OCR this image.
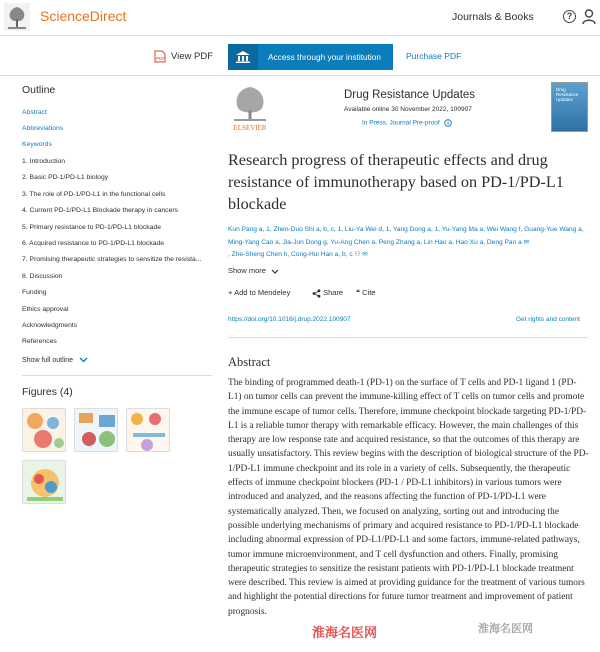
ScienceDirect	Journals & Books	?
PDF View PDF	Access through your institution	Purchase PDF
Outline
Abstract
Abbreviations
Keywords
1. Introduction
2. Basic PD-1/PD-L1 biology
3. The role of PD-1/PD-L1 in the functional cells
4. Current PD-1/PD-L1 Blockade therapy in cancers
5. Primary resistance to PD-1/PD-L1 blockade
6. Acquired resistance to PD-1/PD-L1 blockade
7. Promising therapeutic strategies to sensitize the resista...
8. Discussion
Funding
Ethics approval
Acknowledgments
References
Show full outline
Figures (4)
ELSEVIER
Drug Resistance Updates
Available online 30 November 2022, 100907
In Press, Journal Pre-proof
Drug Resistance Updates
Research progress of therapeutic effects and drug resistance of immunotherapy based on PD-1/PD-L1 blockade
Kun Pang a, 1, Zhen-Duo Shi a, b, c, 1, Liu-Ya Wei d, 1, Yang Dong a, 1, Yu-Yang Ma a, Wei Wang f, Guang-Yue Wang a,
Ming-Yang Cao a, Jia-Jun Dong g, Yu-Ang Chen a, Peng Zhang a, Lin Hao a, Hao Xu a, Deng Pan a ✉
, Zhe-Sheng Chen h, Cong-Hui Han a, b, c ⚇ ✉
Show more
+ Add to Mendeley	Share ❝ Cite
https://doi.org/10.1016/j.drup.2022.100907	Get rights and content
Abstract
The binding of programmed death-1 (PD-1) on the surface of T cells and PD-1 ligand 1 (PD-L1) on tumor cells can prevent the immune-killing effect of T cells on tumor cells and promote the immune escape of tumor cells. Therefore, immune checkpoint blockade targeting PD-1/PD-L1 is a reliable tumor therapy with remarkable efficacy. However, the main challenges of this therapy are low response rate and acquired resistance, so that the outcomes of this therapy are usually unsatisfactory. This review begins with the description of biological structure of the PD-1/PD-L1 immune checkpoint and its role in a variety of cells. Subsequently, the therapeutic effects of immune checkpoint blockers (PD-1 / PD-L1 inhibitors) in various tumors were introduced and analyzed, and the reasons affecting the function of PD-1/PD-L1 were systematically analyzed. Then, we focused on analyzing, sorting out and introducing the possible underlying mechanisms of primary and acquired resistance to PD-1/PD-L1 blockade including abnormal expression of PD-L1/PD-L1 and some factors, immune-related pathways, tumor immune microenvironment, and T cell dysfunction and others. Finally, promising therapeutic strategies to sensitize the resistant patients with PD-1/PD-L1 blockade treatment were described. This review is aimed at providing guidance for the treatment of various tumors and highlight the potential directions for future tumor treatment and improvement of patient prognosis.
淮海名医网	淮海名医网
